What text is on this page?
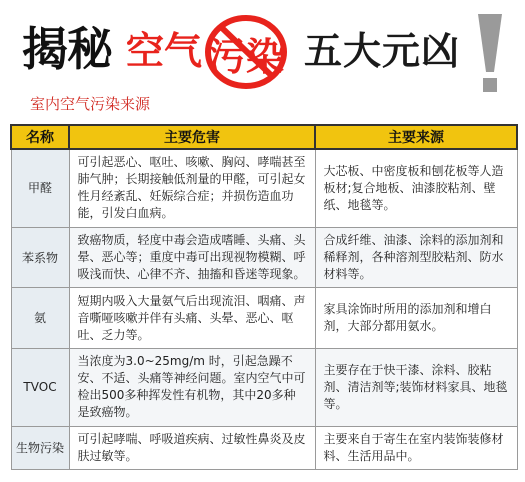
揭秘 空气 污染 五大元凶
室内空气污染来源
名称	主要危害	主要来源
甲醛	可引起恶心、呕吐、咳嗽、胸闷、哮喘甚至肺气肿；长期接触低剂量的甲醛，可引起女性月经紊乱、妊娠综合症；并损伤造血功能，引发白血病。	大芯板、中密度板和刨花板等人造板材;复合地板、油漆胶粘剂、壁纸、地毯等。
苯系物	致癌物质，轻度中毒会造成嗜睡、头痛、头晕、恶心等；重度中毒可出现视物模糊、呼吸浅而快、心律不齐、抽搐和昏迷等现象。	合成纤维、油漆、涂料的添加剂和稀释剂，各种溶剂型胶粘剂、防水材料等。
氨	短期内吸入大量氨气后出现流泪、咽痛、声音嘶哑咳嗽并伴有头痛、头晕、恶心、呕吐、乏力等。	家具涂饰时所用的添加剂和增白剂，大部分都用氨水。
TVOC	当浓度为3.0~25mg/m 时，引起急躁不安、不适、头痛等神经问题。室内空气中可检出500多种挥发性有机物，其中20多种是致癌物。	主要存在于快干漆、涂料、胶粘剂、清洁剂等;装饰材料家具、地毯等。
生物污染	可引起哮喘、呼吸道疾病、过敏性鼻炎及皮肤过敏等。	主要来自于寄生在室内装饰装修材料、生活用品中。
